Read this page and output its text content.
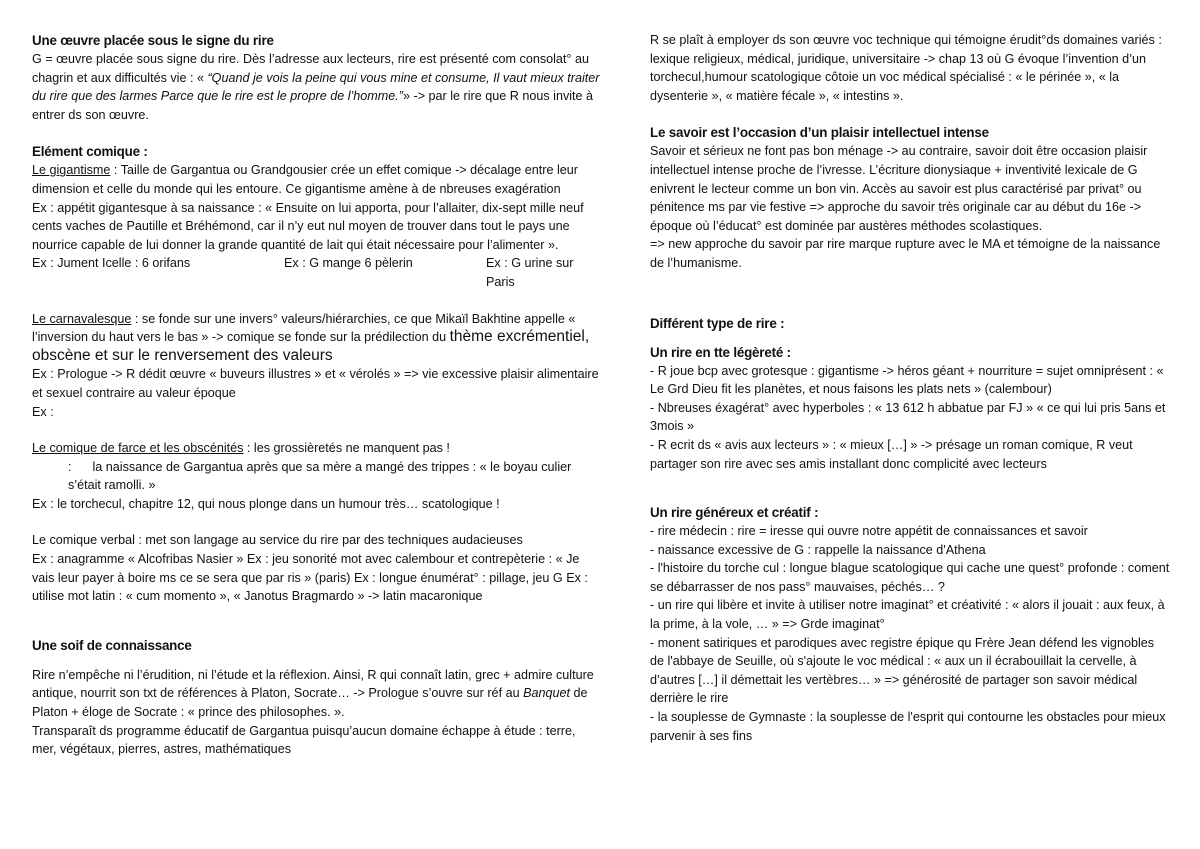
Une œuvre placée sous le signe du rire

G = œuvre placée sous signe du rire. Dès l’adresse aux lecteurs, rire est présenté com consolat° au chagrin et aux difficultés vie : « “Quand je vois la peine qui vous mine et consume, Il vaut mieux traiter du rire que des larmes Parce que le rire est le propre de l’homme.”» -> par le rire que R nous invite à entrer ds son œuvre.

Elément comique :

Le gigantisme : Taille de Gargantua ou Grandgousier crée un effet comique -> décalage entre leur dimension et celle du monde qui les entoure. Ce gigantisme amène à de nbreuses exagération

Ex : appétit gigantesque à sa naissance : « Ensuite on lui apporta, pour l’allaiter, dix-sept mille neuf cents vaches de Pautille et Bréhémond, car il n’y eut nul moyen de trouver dans tout le pays une nourrice capable de lui donner la grande quantité de lait qui était nécessaire pour l’alimenter ».

Ex : Jument Icelle : 6 orifans	Ex : G mange 6 pèlerin	Ex : G urine sur Paris

Le carnavalesque : se fonde sur une invers° valeurs/hiérarchies, ce que Mikaïl Bakhtine appelle « l’inversion du haut vers le bas » -> comique se fonde sur la prédilection du thème excrémentiel, obscène et sur le renversement des valeurs

Ex : Prologue -> R dédit œuvre « buveurs illustres » et « vérolés » => vie excessive plaisir alimentaire et sexuel contraire au valeur époque

Ex :

Le comique de farce et les obscénités : les grossièretés ne manquent pas !

: la naissance de Gargantua après que sa mère a mangé des trippes : « le boyau culier s’était ramolli. »

Ex : le torchecul, chapitre 12, qui nous plonge dans un humour très… scatologique !

Le comique verbal : met son langage au service du rire par des techniques audacieuses

Ex : anagramme « Alcofribas Nasier » Ex : jeu sonorité mot avec calembour et contrepèterie : « Je vais leur payer à boire ms ce se sera que par ris » (paris) Ex : longue énumérat° : pillage, jeu G Ex : utilise mot latin : « cum momento », « Janotus Bragmardo » -> latin macaronique

Une soif de connaissance

Rire n’empêche ni l’érudition, ni l’étude et la réflexion. Ainsi, R qui connaît latin, grec + admire culture antique, nourrit son txt de références à Platon, Socrate… -> Prologue s’ouvre sur réf au Banquet de Platon + éloge de Socrate : « prince des philosophes. ».

Transparaît ds programme éducatif de Gargantua puisqu’aucun domaine échappe à étude : terre, mer, végétaux, pierres, astres, mathématiques

R se plaît à employer ds son œuvre voc technique qui témoigne érudit°ds domaines variés : lexique religieux, médical, juridique, universitaire -> chap 13 où G évoque l’invention d’un torchecul,humour scatologique côtoie un voc médical spécialisé : « le périnée », « la dysenterie », « matière fécale », « intestins ».

Le savoir est l’occasion d’un plaisir intellectuel intense

Savoir et sérieux ne font pas bon ménage -> au contraire, savoir doit être occasion plaisir intellectuel intense proche de l’ivresse. L’écriture dionysiaque + inventivité lexicale de G enivrent le lecteur comme un bon vin. Accès au savoir est plus caractérisé par privat° ou pénitence ms par vie festive => approche du savoir très originale car au début du 16e -> époque où l’éducat° est dominée par austères méthodes scolastiques.

=> new approche du savoir par rire marque rupture avec le MA et témoigne de la naissance de l’humanisme.

Différent type de rire :
Un rire en tte légèreté :

- R joue bcp avec grotesque : gigantisme -> héros géant + nourriture = sujet omniprésent : « Le Grd Dieu fit les planètes, et nous faisons les plats nets » (calembour)

- Nbreuses éxagérat° avec hyperboles : « 13 612 h abbatue par FJ » « ce qui lui pris 5ans et 3mois »

- R ecrit ds « avis aux lecteurs » : « mieux […] » -> présage un roman comique, R veut partager son rire avec ses amis installant donc complicité avec lecteurs

Un rire généreux et créatif :

- rire médecin : rire = iresse qui ouvre notre appétit de connaissances et savoir

- naissance excessive de G : rappelle la naissance d'Athena

- l'histoire du torche cul : longue blague scatologique qui cache une quest° profonde : coment se débarrasser de nos pass° mauvaises, péchés… ?

- un rire qui libère et invite à utiliser notre imaginat° et créativité : « alors il jouait : aux feux, à la prime, à la vole, … » => Grde imaginat°

- monent satiriques et parodiques avec registre épique qu Frère Jean défend les vignobles de l'abbaye de Seuille, où s'ajoute le voc médical : « aux un il écrabouillait la cervelle, à d’autres […] il démettait les vertèbres… » => générosité de partager son savoir médical derrière le rire

- la souplesse de Gymnaste : la souplesse de l'esprit qui contourne les obstacles pour mieux parvenir à ses fins
